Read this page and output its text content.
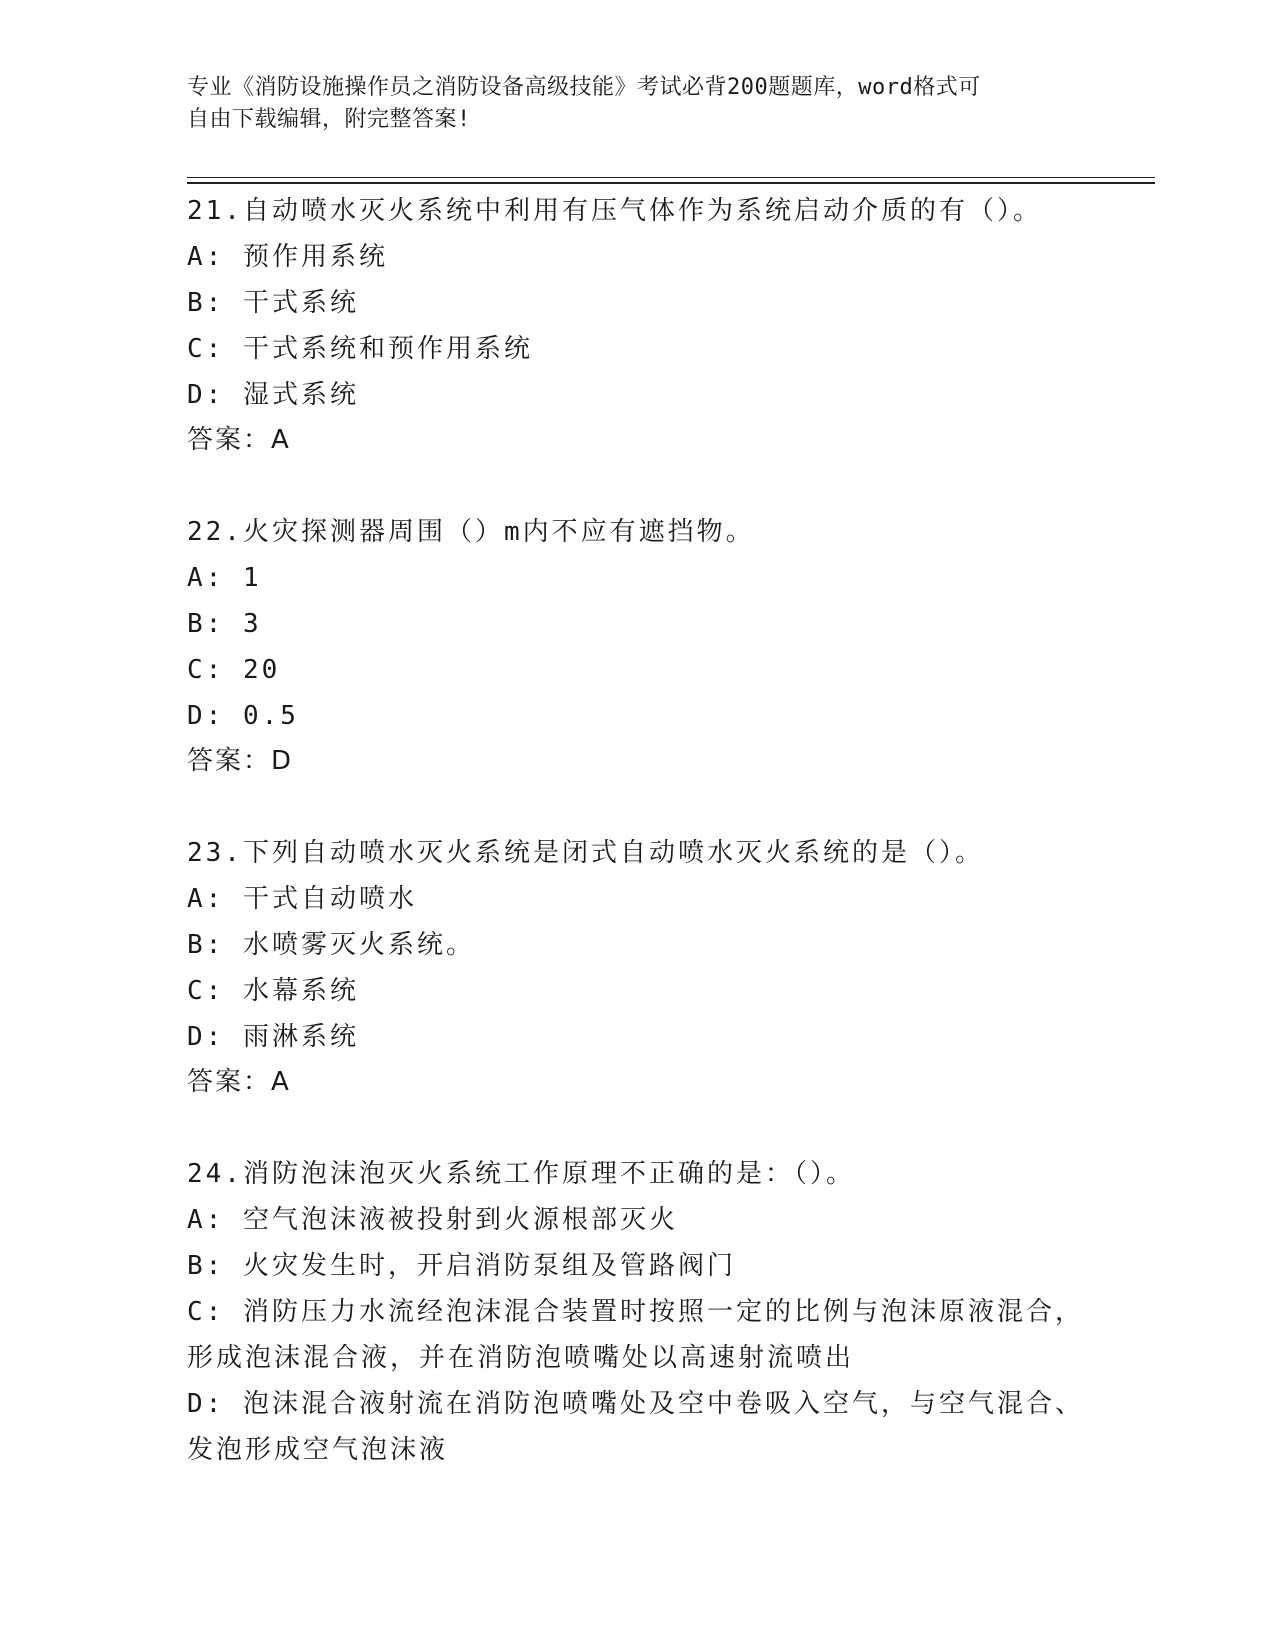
专业《消防设施操作员之消防设备高级技能》考试必背200题题库，word格式可
自由下载编辑，附完整答案!
21.自动喷水灭火系统中利用有压气体作为系统启动介质的有（）。
A: 预作用系统
B: 干式系统
C: 干式系统和预作用系统
D: 湿式系统
答案：A
22.火灾探测器周围（）m内不应有遮挡物。
A: 1
B: 3
C: 20
D: 0.5
答案：D
23.下列自动喷水灭火系统是闭式自动喷水灭火系统的是（）。
A: 干式自动喷水
B: 水喷雾灭火系统。
C: 水幕系统
D: 雨淋系统
答案：A
24.消防泡沫泡灭火系统工作原理不正确的是：（）。
A: 空气泡沫液被投射到火源根部灭火
B: 火灾发生时，开启消防泵组及管路阀门
C: 消防压力水流经泡沫混合装置时按照一定的比例与泡沫原液混合，形成泡沫混合液，并在消防泡喷嘴处以高速射流喷出
D: 泡沫混合液射流在消防泡喷嘴处及空中卷吸入空气，与空气混合、发泡形成空气泡沫液
